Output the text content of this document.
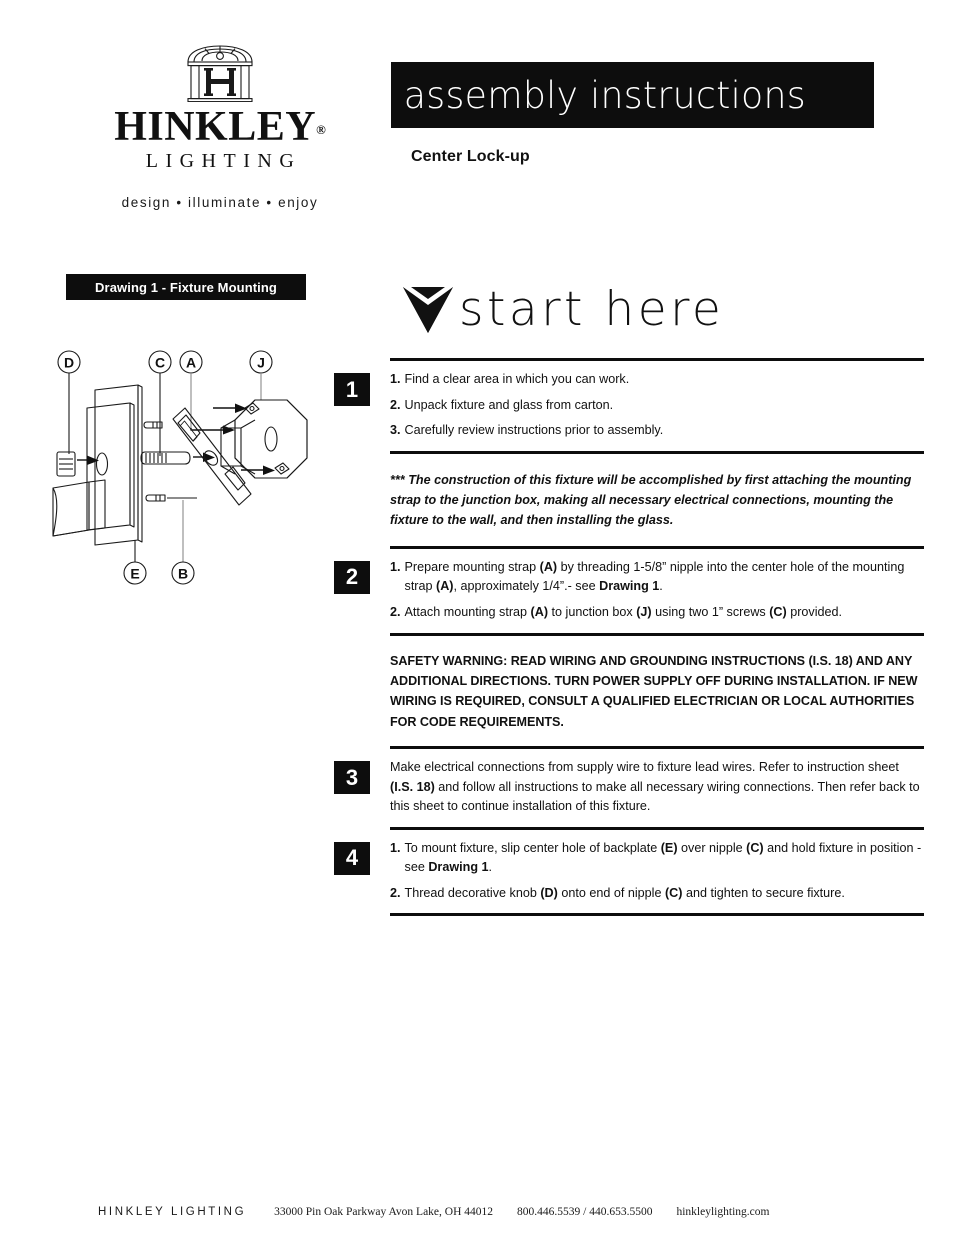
HINKLEY®
LIGHTING
design • illuminate • enjoy
assembly instructions
Center Lock-up
Drawing 1 - Fixture Mounting
D	C A	J
E	B
start here
1	1. Find a clear area in which you can work.
2. Unpack fixture and glass from carton.
3. Carefully review instructions prior to assembly.
*** The construction of this fixture will be accomplished by first attaching the mounting strap to the junction box, making all necessary electrical connections, mounting the fixture to the wall, and then installing the glass.
2	1. Prepare mounting strap (A) by threading 1-5/8” nipple into the center hole of the mounting strap (A), approximately 1/4”.- see Drawing 1.
2. Attach mounting strap (A) to junction box (J) using two 1” screws (C) provided.
SAFETY WARNING: READ WIRING AND GROUNDING INSTRUCTIONS (I.S. 18) AND ANY ADDITIONAL DIRECTIONS. TURN POWER SUPPLY OFF DURING INSTALLATION. IF NEW WIRING IS REQUIRED, CONSULT A QUALIFIED ELECTRICIAN OR LOCAL AUTHORITIES FOR CODE REQUIREMENTS.
3	Make electrical connections from supply wire to fixture lead wires. Refer to instruction sheet (I.S. 18) and follow all instructions to make all necessary wiring connections. Then refer back to this sheet to continue installation of this fixture.

4	1. To mount fixture, slip center hole of backplate (E) over nipple (C) and hold fixture in position - see Drawing 1.
2. Thread decorative knob (D) onto end of nipple (C) and tighten to secure fixture.
HINKLEY LIGHTING 33000 Pin Oak Parkway Avon Lake, OH 44012 800.446.5539 / 440.653.5500 hinkleylighting.com
